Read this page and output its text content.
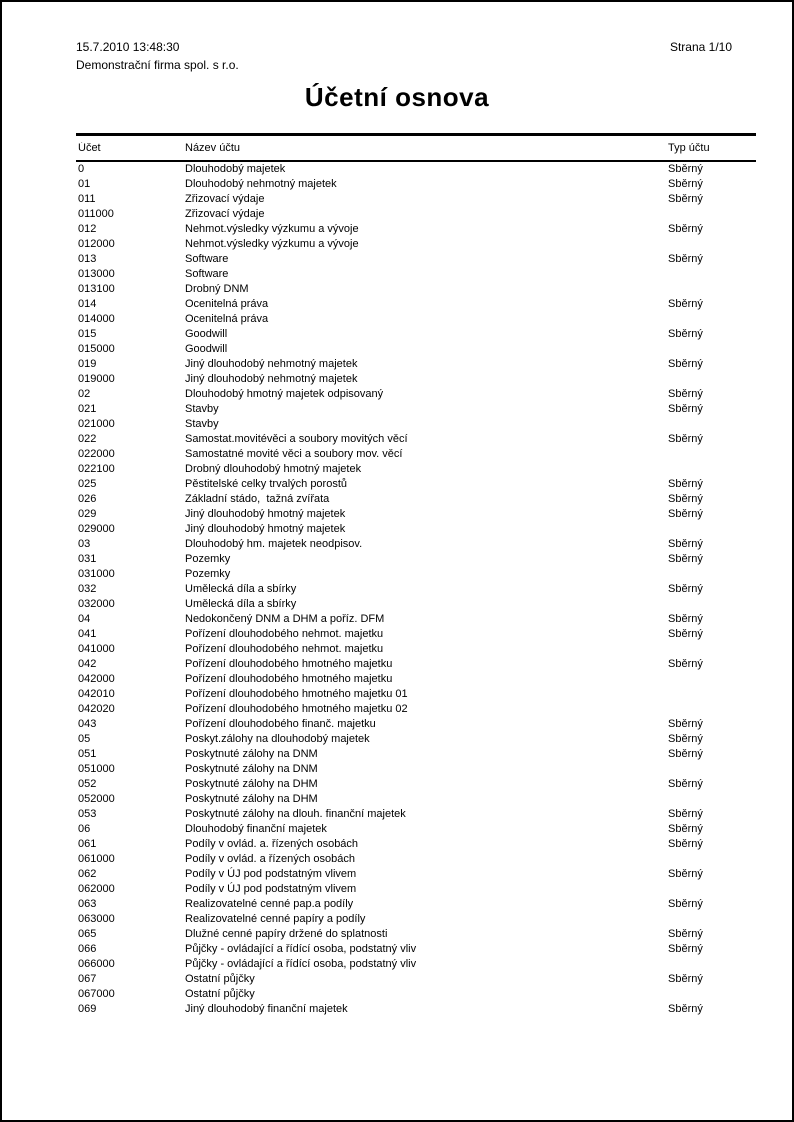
15.7.2010 13:48:30
Demonstrační firma spol. s r.o.
Strana 1/10
Účetní osnova
Účet	Název účtu	Typ účtu
0	Dlouhodobý majetek	Sběrný
01	Dlouhodobý nehmotný majetek	Sběrný
011	Zřizovací výdaje	Sběrný
011000	Zřizovací výdaje
012	Nehmot.výsledky výzkumu a vývoje	Sběrný
012000	Nehmot.výsledky výzkumu a vývoje
013	Software	Sběrný
013000	Software
013100	Drobný DNM
014	Ocenitelná práva	Sběrný
014000	Ocenitelná práva
015	Goodwill	Sběrný
015000	Goodwill
019	Jiný dlouhodobý nehmotný majetek	Sběrný
019000	Jiný dlouhodobý nehmotný majetek
02	Dlouhodobý hmotný majetek odpisovaný	Sběrný
021	Stavby	Sběrný
021000	Stavby
022	Samostat.movitévěci a soubory movitých věcí	Sběrný
022000	Samostatné movité věci a soubory mov. věcí
022100	Drobný dlouhodobý hmotný majetek
025	Pěstitelské celky trvalých porostů	Sběrný
026	Základní stádo,  tažná zvířata	Sběrný
029	Jiný dlouhodobý hmotný majetek	Sběrný
029000	Jiný dlouhodobý hmotný majetek
03	Dlouhodobý hm. majetek neodpisov.	Sběrný
031	Pozemky	Sběrný
031000	Pozemky
032	Umělecká díla a sbírky	Sběrný
032000	Umělecká díla a sbírky
04	Nedokončený DNM a DHM a poříz. DFM	Sběrný
041	Pořízení dlouhodobého nehmot. majetku	Sběrný
041000	Pořízení dlouhodobého nehmot. majetku
042	Pořízení dlouhodobého hmotného majetku	Sběrný
042000	Pořízení dlouhodobého hmotného majetku
042010	Pořízení dlouhodobého hmotného majetku 01
042020	Pořízení dlouhodobého hmotného majetku 02
043	Pořízení dlouhodobého finanč. majetku	Sběrný
05	Poskyt.zálohy na dlouhodobý majetek	Sběrný
051	Poskytnuté zálohy na DNM	Sběrný
051000	Poskytnuté zálohy na DNM
052	Poskytnuté zálohy na DHM	Sběrný
052000	Poskytnuté zálohy na DHM
053	Poskytnuté zálohy na dlouh. finanční majetek	Sběrný
06	Dlouhodobý finanční majetek	Sběrný
061	Podíly v ovlád. a. řízených osobách	Sběrný
061000	Podíly v ovlád. a řízených osobách
062	Podíly v ÚJ pod podstatným vlivem	Sběrný
062000	Podíly v ÚJ pod podstatným vlivem
063	Realizovatelné cenné pap.a podíly	Sběrný
063000	Realizovatelné cenné papíry a podíly
065	Dlužné cenné papíry držené do splatnosti	Sběrný
066	Půjčky - ovládající a řídící osoba, podstatný vliv	Sběrný
066000	Půjčky - ovládající a řídící osoba, podstatný vliv
067	Ostatní půjčky	Sběrný
067000	Ostatní půjčky
069	Jiný dlouhodobý finanční majetek	Sběrný
